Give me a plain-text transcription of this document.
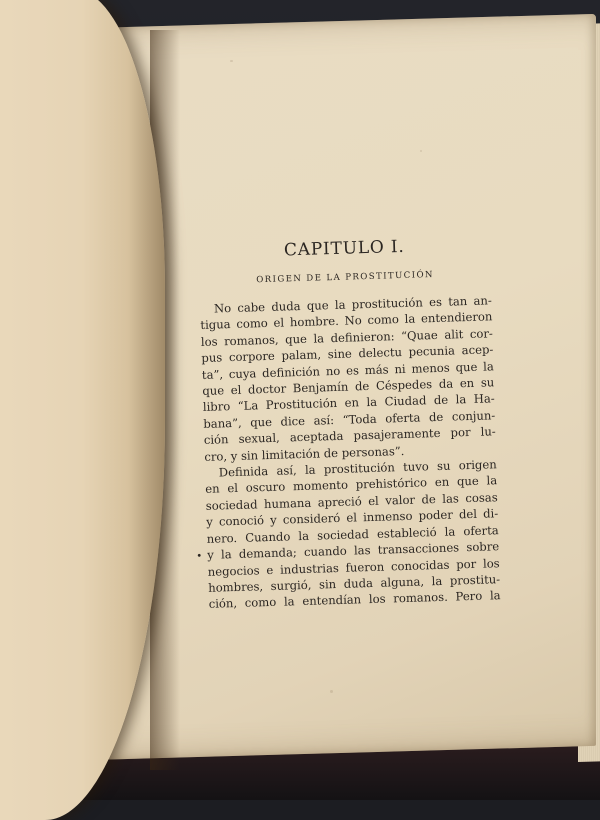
CAPITULO I.
ORIGEN DE LA PROSTITUCIÓN

No cabe duda que la prostitución es tan an-
tigua como el hombre. No como la entendieron
los romanos, que la definieron: “Quae alit cor-
pus corpore palam, sine delectu pecunia acep-
ta”, cuya definición no es más ni menos que la
que el doctor Benjamín de Céspedes da en su
libro “La Prostitución en la Ciudad de la Ha-
bana”, que dice así: “Toda oferta de conjun-
ción sexual, aceptada pasajeramente por lu-
cro, y sin limitación de personas”.

Definida así, la prostitución tuvo su origen
en el oscuro momento prehistórico en que la
sociedad humana apreció el valor de las cosas
y conoció y consideró el inmenso poder del di-
nero. Cuando la sociedad estableció la oferta
y la demanda; cuando las transacciones sobre
negocios e industrias fueron conocidas por los
hombres, surgió, sin duda alguna, la prostitu-
ción, como la entendían los romanos. Pero la

•
